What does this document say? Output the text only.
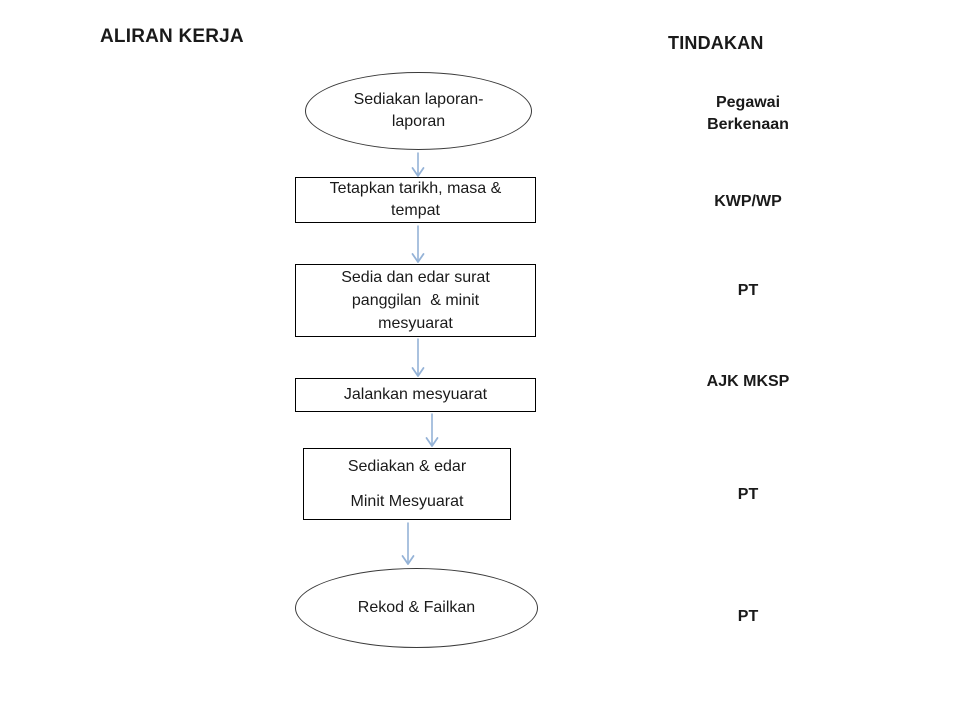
ALIRAN KERJA	TINDAKAN
Sediakan laporan-
laporan
Tetapkan tarikh, masa &
tempat
Sedia dan edar surat
panggilan  & minit
mesyuarat
Jalankan mesyuarat
Sediakan & edar
Minit Mesyuarat
Rekod & Failkan
Pegawai
Berkenaan
KWP/WP
PT
AJK MKSP
PT
PT
